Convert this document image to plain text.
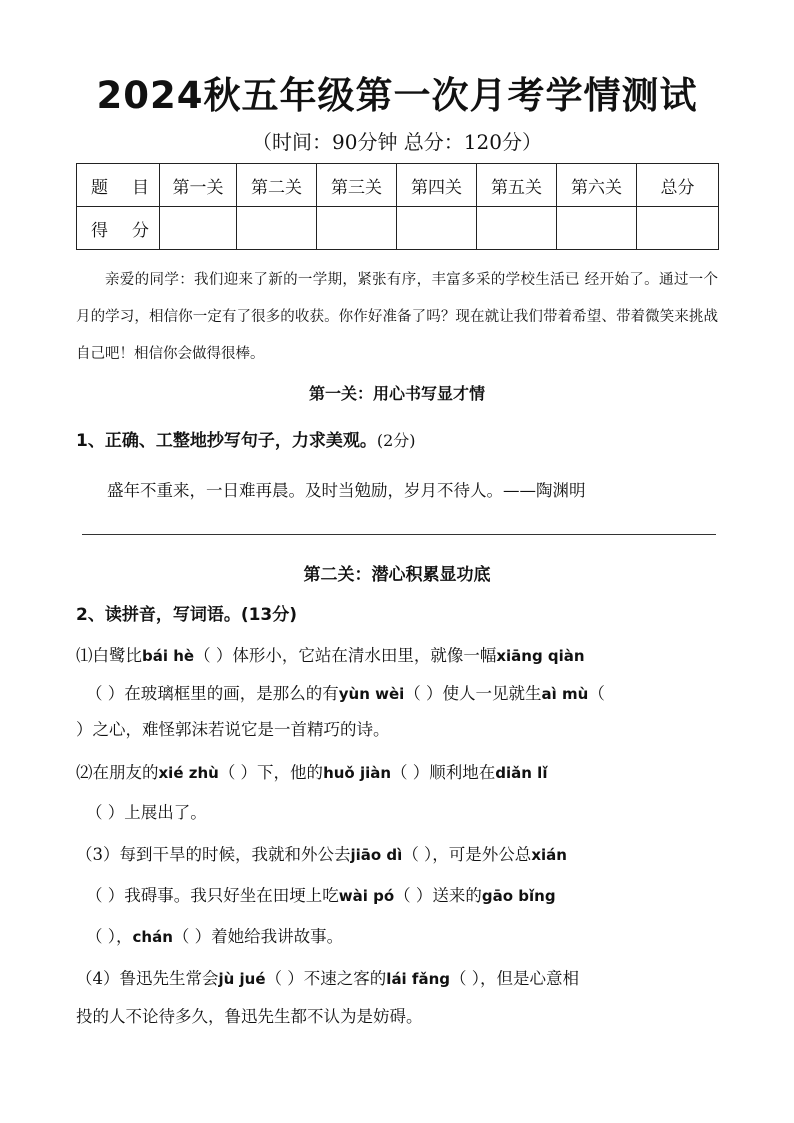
2024秋五年级第一次月考学情测试
（时间：90分钟 总分：120分）
题 目	第一关	第二关	第三关	第四关	第五关	第六关	总分
得 分							
亲爱的同学：我们迎来了新的一学期，紧张有序，丰富多采的学校生活已 经开始了。通过一个月的学习，相信你一定有了很多的收获。你作好准备了吗？现在就让我们带着希望、带着微笑来挑战自己吧！相信你会做得很棒。
第一关：用心书写显才情
1、正确、工整地抄写句子，力求美观。(2分)
盛年不重来，一日难再晨。及时当勉励，岁月不待人。——陶渊明
第二关：潜心积累显功底
2、读拼音，写词语。(13分)
⑴白鹭比bái hè（ ）体形小，它站在清水田里，就像一幅xiāng qiàn
（ ）在玻璃框里的画，是那么的有yùn wèi（ ）使人一见就生aì mù（
）之心，难怪郭沫若说它是一首精巧的诗。
⑵在朋友的xié zhù（ ）下，他的huǒ jiàn（ ）顺利地在diǎn lǐ
（ ）上展出了。
（3）每到干旱的时候，我就和外公去jiāo dì（ ），可是外公总xián
（ ）我碍事。我只好坐在田埂上吃wài pó（ ）送来的gāo bǐng
（ ），chán（ ）着她给我讲故事。
（4）鲁迅先生常会jù jué（ ）不速之客的lái fǎng（ ），但是心意相
投的人不论待多久，鲁迅先生都不认为是妨碍。
